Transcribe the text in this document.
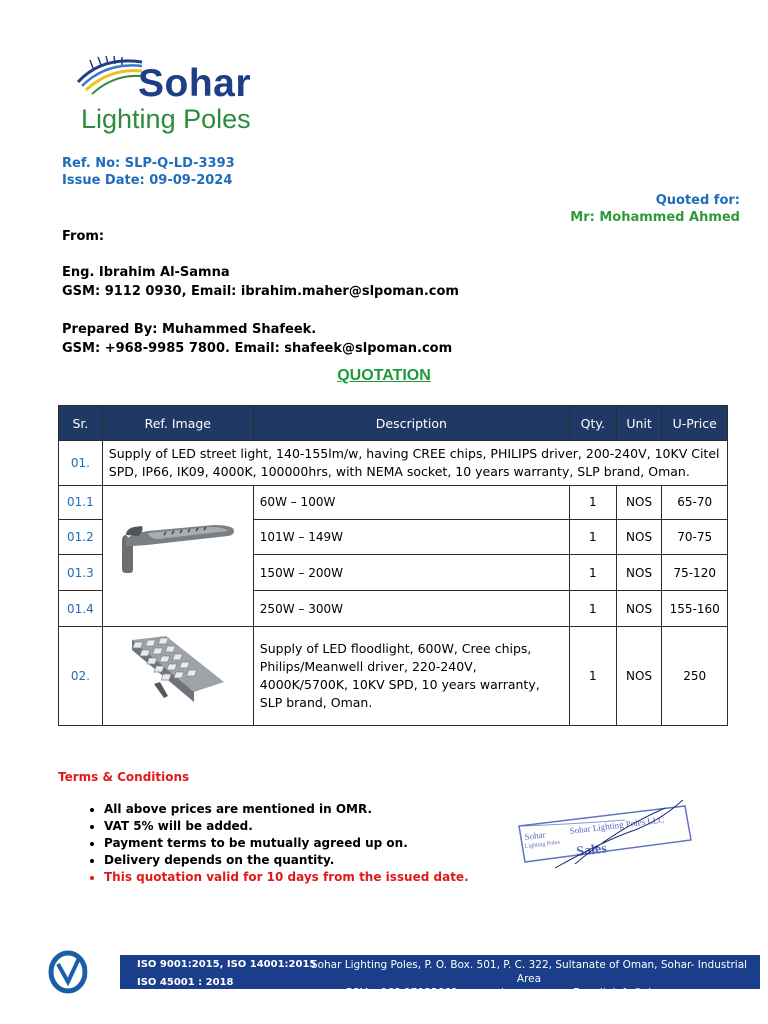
Sohar
Lighting Poles
Ref. No: SLP-Q-LD-3393
Issue Date: 09-09-2024
Quoted for:
Mr: Mohammed Ahmed
From:
Eng. Ibrahim Al-Samna
GSM: 9112 0930, Email: ibrahim.maher@slpoman.com
Prepared By: Muhammed Shafeek.
GSM: +968-9985 7800. Email: shafeek@slpoman.com
QUOTATION
Sr.	Ref. Image	Description	Qty.	Unit	U-Price
01.	Supply of LED street light, 140-155lm/w, having CREE chips, PHILIPS driver, 200-240V, 10KV Citel SPD, IP66, IK09, 4000K, 100000hrs, with NEMA socket, 10 years warranty, SLP brand, Oman.				
01.1		60W – 100W	1	NOS	65-70
01.2		101W – 149W	1	NOS	70-75
01.3		150W – 200W	1	NOS	75-120
01.4		250W – 300W	1	NOS	155-160
02.		Supply of LED floodlight, 600W, Cree chips, Philips/Meanwell driver, 220-240V, 4000K/5700K, 10KV SPD, 10 years warranty, SLP brand, Oman.	1	NOS	250
Terms & Conditions
• All above prices are mentioned in OMR.
• VAT 5% will be added.
• Payment terms to be mutually agreed up on.
• Delivery depends on the quantity.
• This quotation valid for 10 days from the issued date.
Sohar
Lighting Poles
Sohar Lighting Poles LLC
Sales
ISO ISO 9001:2015, ISO 14001:2015
ISO 45001 : 2018
Sohar Lighting Poles, P. O. Box. 501, P. C. 322, Sultanate of Oman, Sohar- Industrial Area
GSM.+968 97985668 , www.slpoman.com, E-mail: info@slpoman.com
